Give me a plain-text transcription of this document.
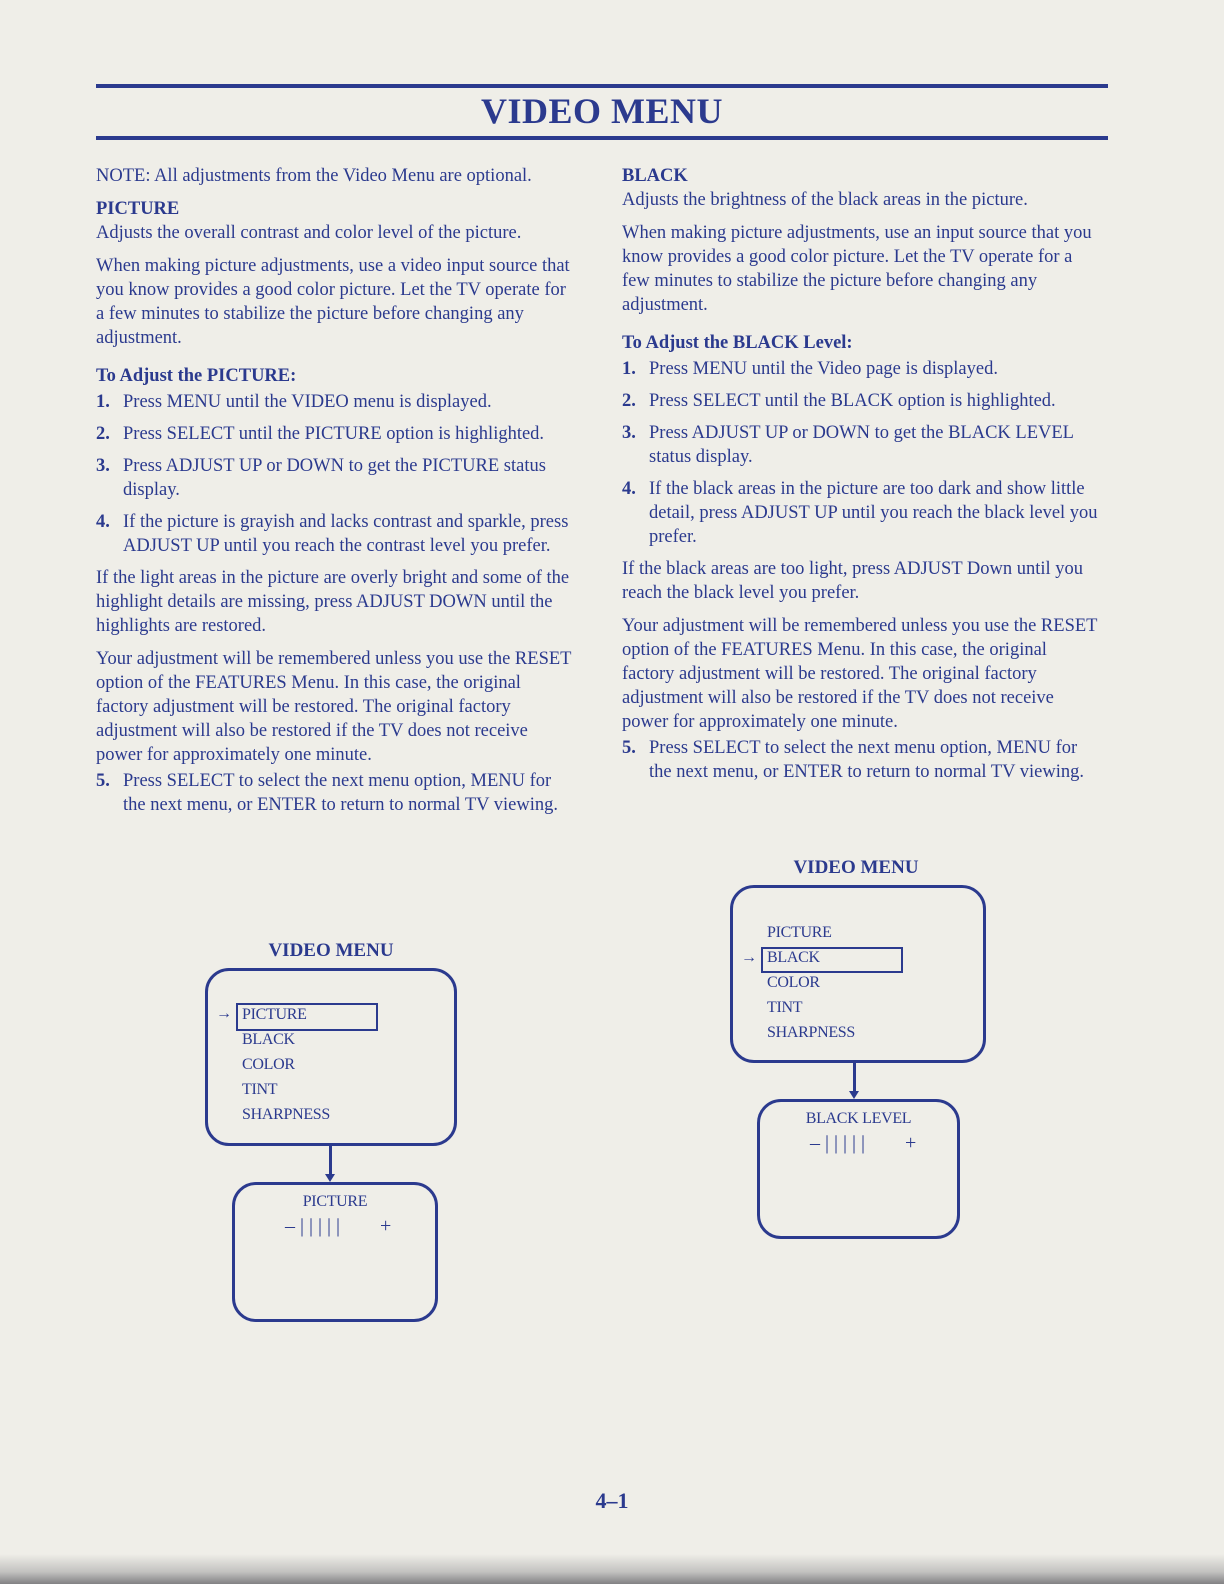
VIDEO MENU

NOTE: All adjustments from the Video Menu are optional.

PICTURE

Adjusts the overall contrast and color level of the picture.

When making picture adjustments, use a video input source that you know provides a good color picture. Let the TV operate for a few minutes to stabilize the picture before changing any adjustment.

To Adjust the PICTURE:

1. Press MENU until the VIDEO menu is displayed.
2. Press SELECT until the PICTURE option is highlighted.
3. Press ADJUST UP or DOWN to get the PICTURE status display.
4. If the picture is grayish and lacks contrast and sparkle, press ADJUST UP until you reach the contrast level you prefer.

If the light areas in the picture are overly bright and some of the highlight details are missing, press ADJUST DOWN until the highlights are restored.

Your adjustment will be remembered unless you use the RESET option of the FEATURES Menu. In this case, the original factory adjustment will be restored. The original factory adjustment will also be restored if the TV does not receive power for approximately one minute.

5. Press SELECT to select the next menu option, MENU for the next menu, or ENTER to return to normal TV viewing.

BLACK

Adjusts the brightness of the black areas in the picture.

When making picture adjustments, use an input source that you know provides a good color picture. Let the TV operate for a few minutes to stabilize the picture before changing any adjustment.

To Adjust the BLACK Level:

1. Press MENU until the Video page is displayed.
2. Press SELECT until the BLACK option is highlighted.
3. Press ADJUST UP or DOWN to get the BLACK LEVEL status display.
4. If the black areas in the picture are too dark and show little detail, press ADJUST UP until you reach the black level you prefer.

If the black areas are too light, press ADJUST Down until you reach the black level you prefer.

Your adjustment will be remembered unless you use the RESET option of the FEATURES Menu. In this case, the original factory adjustment will be restored. The original factory adjustment will also be restored if the TV does not receive power for approximately one minute.

5. Press SELECT to select the next menu option, MENU for the next menu, or ENTER to return to normal TV viewing.
VIDEO MENU
→ PICTURE
BLACK
COLOR
TINT
SHARPNESS
PICTURE
– | | | | |        +
VIDEO MENU
PICTURE
→ BLACK
COLOR
TINT
SHARPNESS
BLACK LEVEL
– | | | | |        +
4–1
